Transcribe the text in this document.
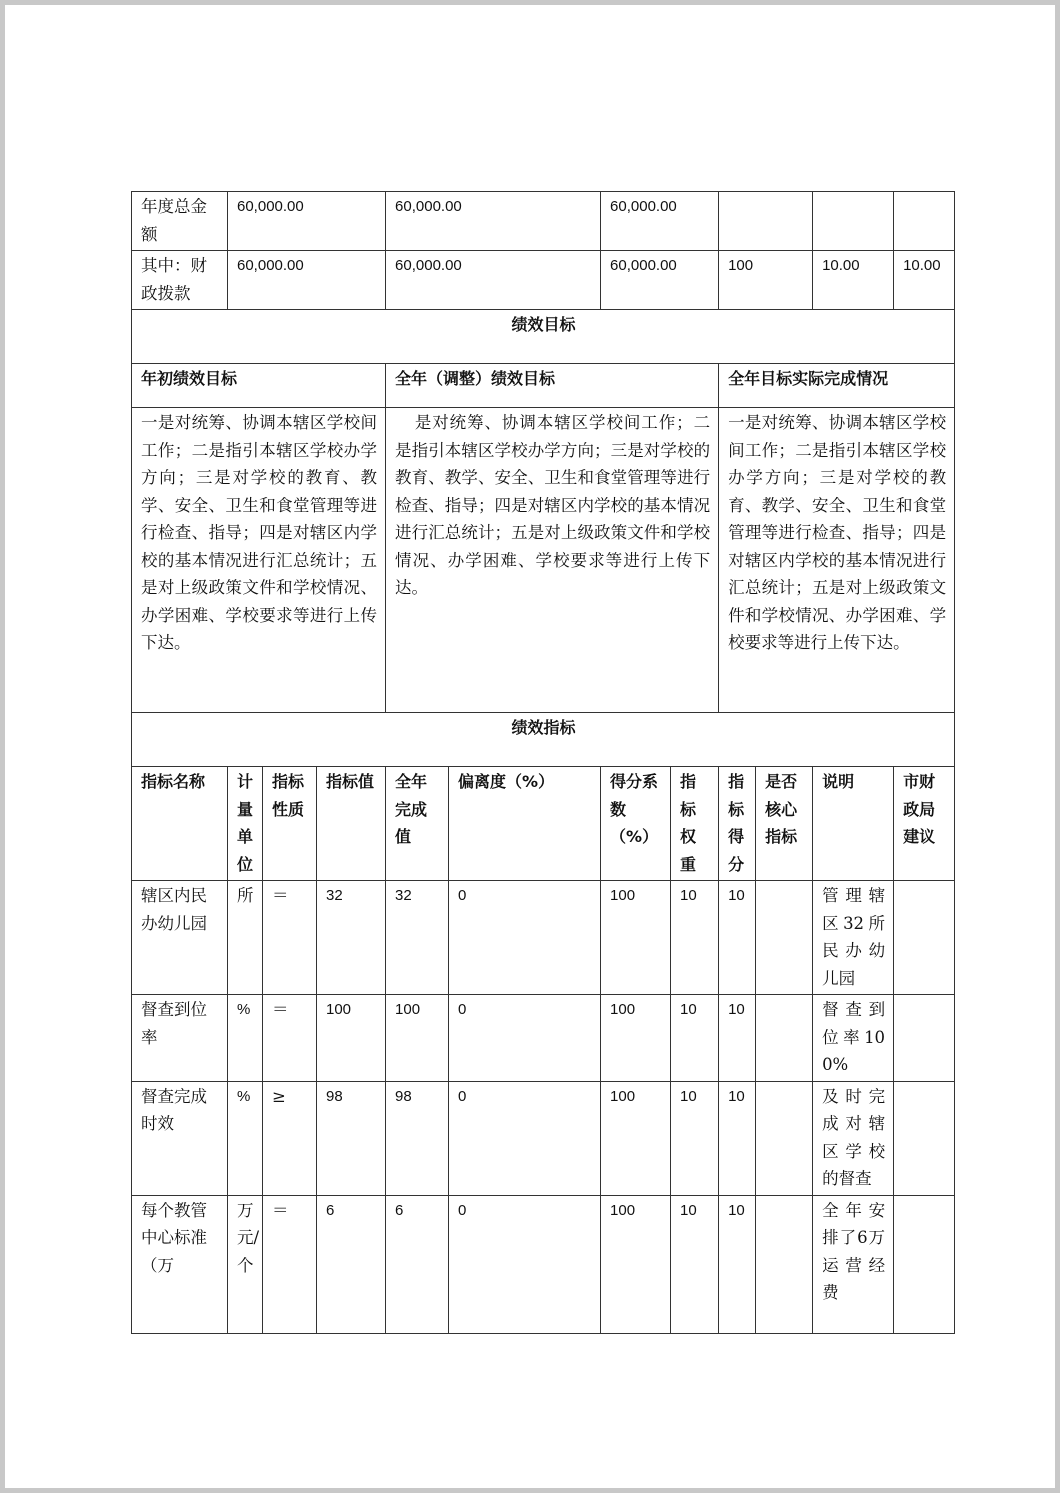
年度总金额	60,000.00			60,000.00		60,000.00					
其中：财政拨款	60,000.00			60,000.00		60,000.00		100		10.00	10.00
绩效目标											
年初绩效目标				全年（调整）绩效目标				全年目标实际完成情况			
一是对统筹、协调本辖区学校间工作；二是指引本辖区学校办学方向；三是对学校的教育、教学、安全、卫生和食堂管理等进行检查、指导；四是对辖区内学校的基本情况进行汇总统计；五是对上级政策文件和学校情况、办学困难、学校要求等进行上传下达。				是对统筹、协调本辖区学校间工作；二是指引本辖区学校办学方向；三是对学校的教育、教学、安全、卫生和食堂管理等进行检查、指导；四是对辖区内学校的基本情况进行汇总统计；五是对上级政策文件和学校情况、办学困难、学校要求等进行上传下达。				一是对统筹、协调本辖区学校间工作；二是指引本辖区学校办学方向；三是对学校的教育、教学、安全、卫生和食堂管理等进行检查、指导；四是对辖区内学校的基本情况进行汇总统计；五是对上级政策文件和学校情况、办学困难、学校要求等进行上传下达。			
绩效指标											
指标名称	计量单位	指标性质	指标值	全年完成值	偏离度（%）	得分系数（%）	指标权重	指标得分	是否核心指标	说明	市财政局建议
辖区内民办幼儿园	所	＝	32	32	0	100	10	10		管理辖区32所民办幼儿园	
督查到位率	%	＝	100	100	0	100	10	10		督查到位率100%	
督查完成时效	%	≥	98	98	0	100	10	10		及时完成对辖区学校的督查	
每个教管中心标准（万	万元/个	＝	6	6	0	100	10	10		全年安排了6万运营经费	
